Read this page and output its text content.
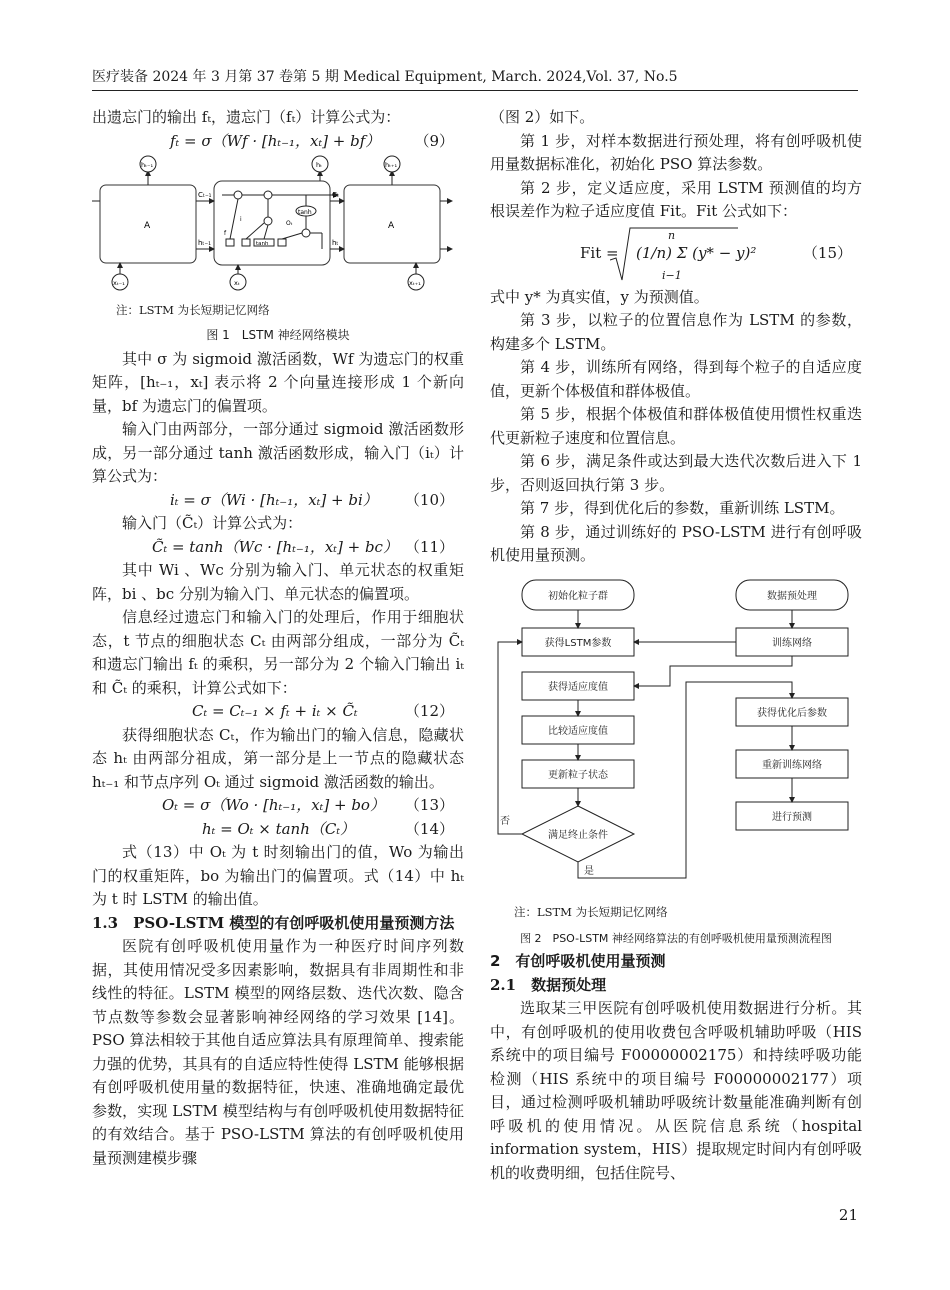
医疗装备 2024 年 3 月第 37 卷第 5 期 Medical Equipment, March. 2024,Vol. 37, No.5

出遗忘门的输出 fₜ，遗忘门（fₜ）计算公式为：

fₜ = σ（Wf · [hₜ₋₁，xₜ] + bf） （9）
A	A
Cₜ₋₁	Cₜ
hₜ₋₁	hₜ
tanh
tanh
f
i
Oₜ
hₜ₋₁	hₜ	hₜ₊₁
xₜ₋₁	xₜ	xₜ₊₁
注：LSTM 为长短期记忆网络
图 1　LSTM 神经网络模块

其中 σ 为 sigmoid 激活函数，Wf 为遗忘门的权重矩阵，[hₜ₋₁，xₜ] 表示将 2 个向量连接形成 1 个新向量，bf 为遗忘门的偏置项。

输入门由两部分，一部分通过 sigmoid 激活函数形成，另一部分通过 tanh 激活函数形成，输入门（iₜ）计算公式为：

iₜ = σ（Wi · [hₜ₋₁，xₜ] + bi） （10）

输入门（C̃ₜ）计算公式为：

C̃ₜ = tanh（Wc · [hₜ₋₁，xₜ] + bc） （11）

其中 Wi 、Wc 分别为输入门、单元状态的权重矩阵，bi 、bc 分别为输入门、单元状态的偏置项。

信息经过遗忘门和输入门的处理后，作用于细胞状态，t 节点的细胞状态 Cₜ 由两部分组成，一部分为 C̃ₜ 和遗忘门输出 fₜ 的乘积，另一部分为 2 个输入门输出 iₜ 和 C̃ₜ 的乘积，计算公式如下：

Cₜ = Cₜ₋₁ × fₜ + iₜ × C̃ₜ	（12）

获得细胞状态 Cₜ，作为输出门的输入信息，隐藏状态 hₜ 由两部分祖成，第一部分是上一节点的隐藏状态 hₜ₋₁ 和节点序列 Oₜ 通过 sigmoid 激活函数的输出。

Oₜ = σ（Wo · [hₜ₋₁，xₜ] + bo） （13）
hₜ = Oₜ × tanh（Cₜ）	（14）

式（13）中 Oₜ 为 t 时刻输出门的值，Wo 为输出门的权重矩阵，bo 为输出门的偏置项。式（14）中 hₜ 为 t 时 LSTM 的输出值。

1.3　PSO-LSTM 模型的有创呼吸机使用量预测方法

医院有创呼吸机使用量作为一种医疗时间序列数据，其使用情况受多因素影响，数据具有非周期性和非线性的特征。LSTM 模型的网络层数、迭代次数、隐含节点数等参数会显著影响神经网络的学习效果 [14]。PSO 算法相较于其他自适应算法具有原理简单、搜索能力强的优势，其具有的自适应特性使得 LSTM 能够根据有创呼吸机使用量的数据特征，快速、准确地确定最优参数，实现 LSTM 模型结构与有创呼吸机使用数据特征的有效结合。基于 PSO-LSTM 算法的有创呼吸机使用量预测建模步骤

（图 2）如下。

第 1 步，对样本数据进行预处理，将有创呼吸机使用量数据标准化，初始化 PSO 算法参数。

第 2 步，定义适应度，采用 LSTM 预测值的均方根误差作为粒子适应度值 Fit。Fit 公式如下：

Fit = (1/n) Σ (y* − y)²
n
i−1
（15）

式中 y* 为真实值，y 为预测值。

第 3 步，以粒子的位置信息作为 LSTM 的参数，构建多个 LSTM。

第 4 步，训练所有网络，得到每个粒子的自适应度值，更新个体极值和群体极值。

第 5 步，根据个体极值和群体极值使用惯性权重迭代更新粒子速度和位置信息。

第 6 步，满足条件或达到最大迭代次数后进入下 1 步，否则返回执行第 3 步。

第 7 步，得到优化后的参数，重新训练 LSTM。

第 8 步，通过训练好的 PSO-LSTM 进行有创呼吸机使用量预测。

初始化粒子群
获得LSTM参数
获得适应度值
比较适应度值
更新粒子状态
满足终止条件
数据预处理
训练网络
获得优化后参数
重新训练网络
进行预测
否
是
注：LSTM 为长短期记忆网络
图 2　PSO-LSTM 神经网络算法的有创呼吸机使用量预测流程图
2　有创呼吸机使用量预测
2.1　数据预处理

选取某三甲医院有创呼吸机使用数据进行分析。其中，有创呼吸机的使用收费包含呼吸机辅助呼吸（HIS 系统中的项目编号 F00000002175）和持续呼吸功能检测（HIS 系统中的项目编号 F00000002177）项目，通过检测呼吸机辅助呼吸统计数量能准确判断有创呼吸机的使用情况。从医院信息系统（hospital information system，HIS）提取规定时间内有创呼吸机的收费明细，包括住院号、

21
